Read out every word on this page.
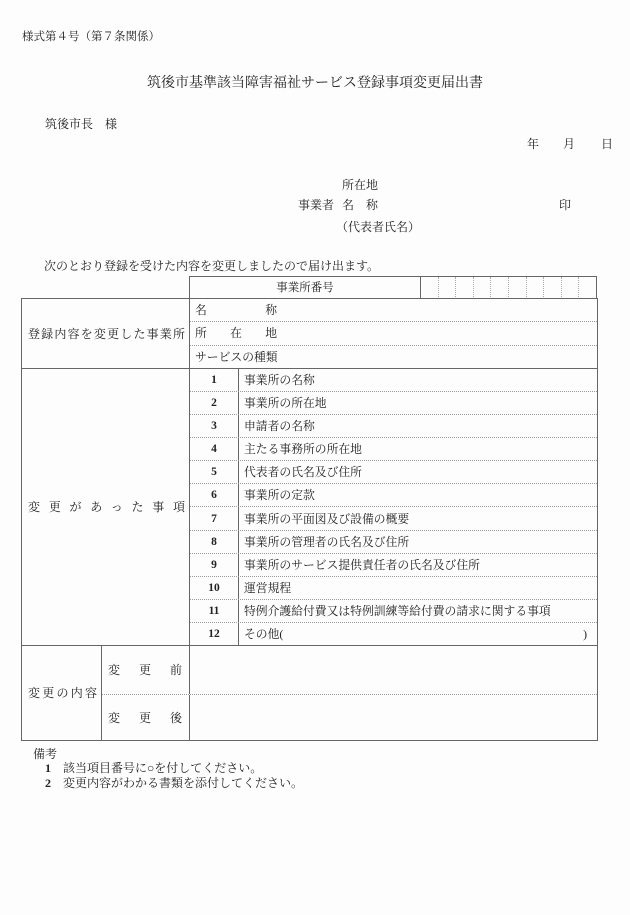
様式第４号（第７条関係）
筑後市基準該当障害福祉サービス登録事項変更届出書
筑後市長　様
年 月 日
所在地
事業者 名　称	印
（代表者氏名）
次のとおり登録を受けた内容を変更しましたので届け出ます。
事業所番号
登録内容を変更した事業所
名称
所在地
サービスの種類
変更があった事項
1	事業所の名称
2	事業所の所在地
3	申請者の名称
4	主たる事務所の所在地
5	代表者の氏名及び住所
6	事業所の定款
7	事業所の平面図及び設備の概要
8	事業所の管理者の氏名及び住所
9	事業所のサービス提供責任者の氏名及び住所
10	運営規程
11	特例介護給付費又は特例訓練等給付費の請求に関する事項
12	その他(	)
変更の内容
変更前
変更後
備考
1 該当項目番号に○を付してください。
2 変更内容がわかる書類を添付してください。
